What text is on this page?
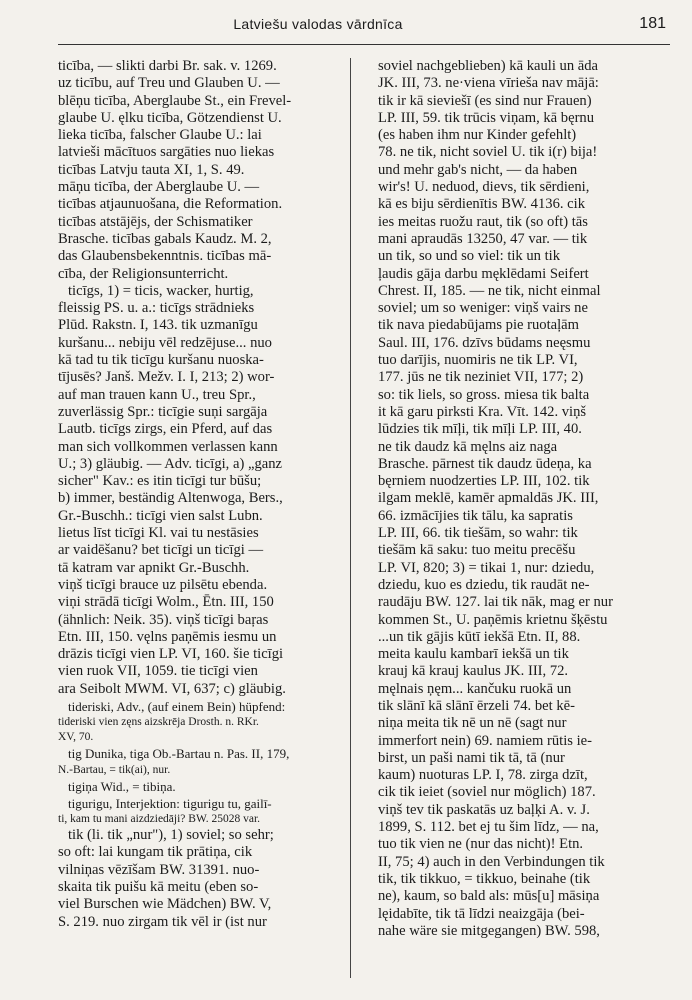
Latviešu valodas vārdnīca	181
ticība, — slikti darbi Br. sak. v. 1269.
uz ticību, auf Treu und Glauben U. —
blēņu ticība, Aberglaube St., ein Frevel-
glaube U. ęlku ticība, Götzendienst U.
lieka ticība, falscher Glaube U.: lai
latvieši mācītuos sargāties nuo liekas
ticības Latvju tauta XI, 1, S. 49.
māņu ticība, der Aberglaube U. —
ticības atjaunuošana, die Reformation.
ticības atstājējs, der Schismatiker
Brasche. ticības gabals Kaudz. M. 2,
das Glaubensbekenntnis. ticības mā-
cība, der Religionsunterricht.
ticīgs, 1) = ticis, wacker, hurtig,
fleissig PS. u. a.: ticīgs strādnieks
Plūd. Rakstn. I, 143. tik uzmanīgu
kuršanu... nebiju vēl redzējuse... nuo
kā tad tu tik ticīgu kuršanu nuoska-
tījusēs? Janš. Mežv. I. I, 213; 2) wor-
auf man trauen kann U., treu Spr.,
zuverlässig Spr.: ticīgie suņi sargāja
Lautb. ticīgs zirgs, ein Pferd, auf das
man sich vollkommen verlassen kann
U.; 3) gläubig. — Adv. ticīgi, a) „ganz
sicher" Kav.: es itin ticīgi tur būšu;
b) immer, beständig Altenwoga, Bers.,
Gr.-Buschh.: ticīgi vien salst Lubn.
lietus līst ticīgi Kl. vai tu nestāsies
ar vaidēšanu? bet ticīgi un ticīgi —
tā katram var apnikt Gr.-Buschh.
viņš ticīgi brauce uz pilsētu ebenda.
viņi strādā ticīgi Wolm., Ētn. III, 150
(ähnlich: Neik. 35). viņš ticīgi baŗas
Etn. III, 150. vęlns paņēmis iesmu un
drāzis ticīgi vien LP. VI, 160. šie ticīgi
vien ruok VII, 1059. tie ticīgi vien
ara Seibolt MWM. VI, 637; c) gläubig.
tideriski, Adv., (auf einem Bein) hüpfend:
tideriski vien zęns aizskrēja Drosth. n. RKr.
XV, 70.
tig Dunika, tiga Ob.-Bartau n. Pas. II, 179,
N.-Bartau, = tik(ai), nur.
tigiņa Wid., = tibiņa.
tigurigu, Interjektion: tigurigu tu, gailī-
ti, kam tu mani aizdziedāji? BW. 25028 var.
tik (li. tik „nur"), 1) soviel; so sehr;
so oft: lai kungam tik prātiņa, cik
vilniņas vēzīšam BW. 31391. nuo-
skaita tik puišu kā meitu (eben so-
viel Burschen wie Mädchen) BW. V,
S. 219. nuo zirgam tik vēl ir (ist nur
soviel nachgeblieben) kā kauli un āda
JK. III, 73. ne·viena vīrieša nav mājā:
tik ir kā sieviešī (es sind nur Frauen)
LP. III, 59. tik trūcis viņam, kā bęrnu
(es haben ihm nur Kinder gefehlt)
78. ne tik, nicht soviel U. tik i(r) bija!
und mehr gab's nicht, — da haben
wir's! U. neduod, dievs, tik sērdieni,
kā es biju sērdienītis BW. 4136. cik
ies meitas ruožu raut, tik (so oft) tās
mani apraudās 13250, 47 var. — tik
un tik, so und so viel: tik un tik
ļaudis gāja darbu mękl̄ēdami Seifert
Chrest. II, 185. — ne tik, nicht einmal
soviel; um so weniger: viņš vairs ne
tik nava piedabūjams pie ruotaļām
Saul. III, 176. dzīvs būdams neęsmu
tuo darījis, nuomiris ne tik LP. VI,
177. jūs ne tik neziniet VII, 177; 2)
so: tik liels, so gross. miesa tik balta
it kā garu pirksti Kra. Vīt. 142. viņš
lūdzies tik mīļi, tik mīļi LP. III, 40.
ne tik daudz kā męlns aiz naga
Brasche. pārnest tik daudz ūdeņa, ka
bęrniem nuodzerties LP. III, 102. tik
ilgam meklē, kamēr apmaldās JK. III,
66. izmācījies tik tālu, ka sapratis
LP. III, 66. tik tiešām, so wahr: tik
tiešām kā saku: tuo meitu precēšu
LP. VI, 820; 3) = tikai 1, nur: dziedu,
dziedu, kuo es dziedu, tik raudāt ne-
raudāju BW. 127. lai tik nāk, mag er nur
kommen St., U. paņēmis krietnu šķēstu
...un tik gājis kūtī iekšā Etn. II, 88.
meita kaulu kambarī iekšā un tik
krauj kā krauj kaulus JK. III, 72.
męlnais ņęm... kančuku ruokā un
tik slānī kā slānī ērzeli 74. bet kē-
niņa meita tik nē un nē (sagt nur
immerfort nein) 69. namiem rūtis ie-
birst, un paši nami tik tā, tā (nur
kaum) nuoturas LP. I, 78. zirga dzīt,
cik tik ieiet (soviel nur möglich) 187.
viņš tev tik paskatās uz baļķi A. v. J.
1899, S. 112. bet ej tu šim līdz, — na,
tuo tik vien ne (nur das nicht)! Etn.
II, 75; 4) auch in den Verbindungen tik
tik, tik tikkuo, = tikkuo, beinahe (tik
ne), kaum, so bald als: mūs[u] māsiņa
lęidabīte, tik tā līdzi neaizgāja (bei-
nahe wäre sie mitgegangen) BW. 598,
